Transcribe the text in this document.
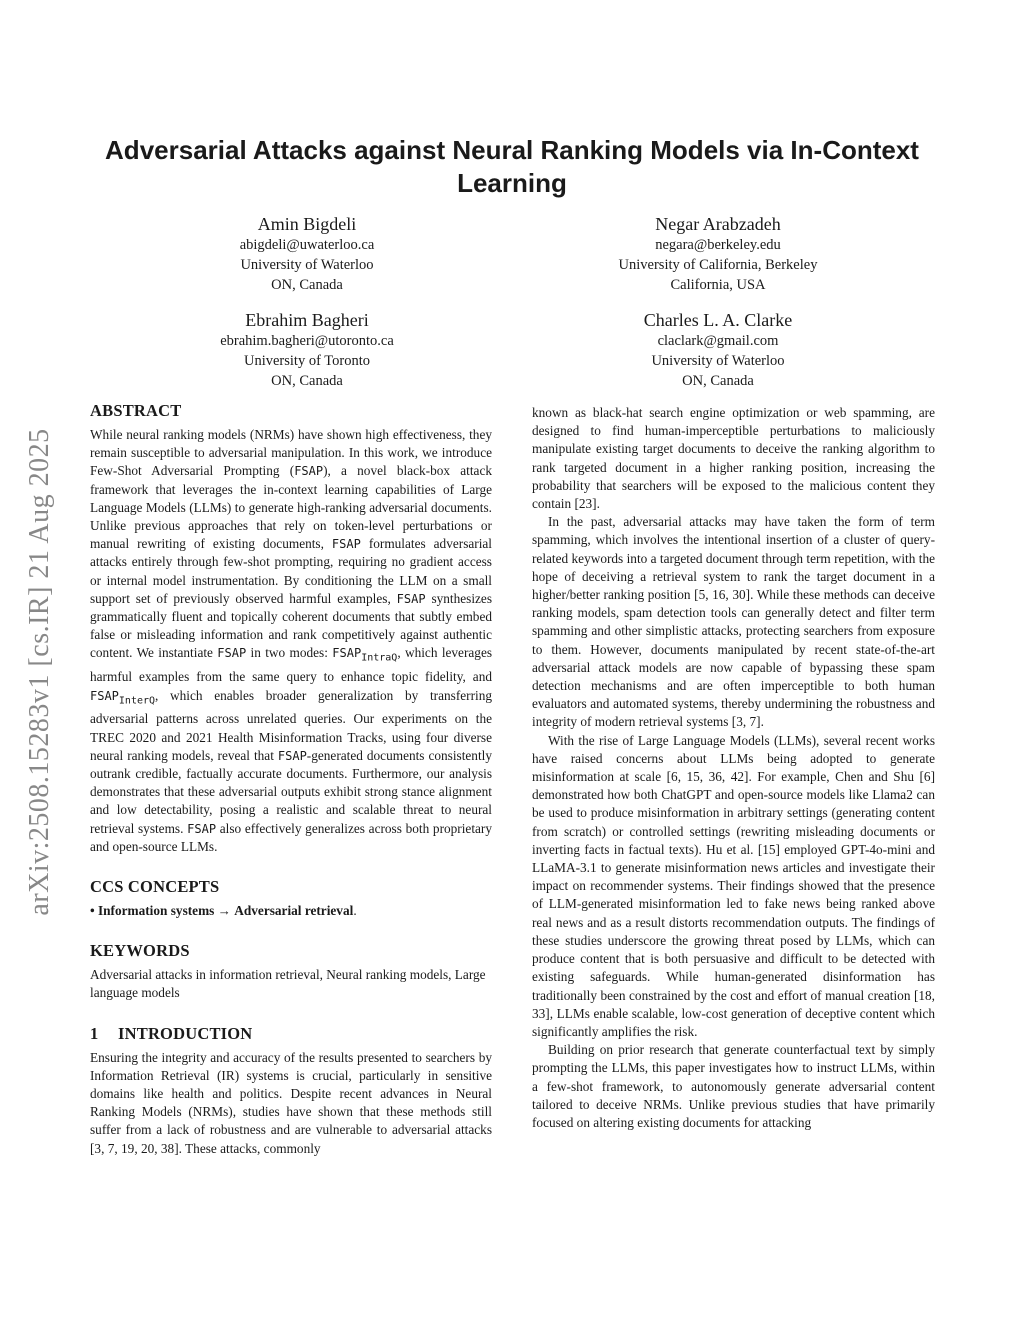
arXiv:2508.15283v1 [cs.IR] 21 Aug 2025
Adversarial Attacks against Neural Ranking Models via In-Context Learning
Amin Bigdeli
abigdeli@uwaterloo.ca
University of Waterloo
ON, Canada
Negar Arabzadeh
negara@berkeley.edu
University of California, Berkeley
California, USA
Ebrahim Bagheri
ebrahim.bagheri@utoronto.ca
University of Toronto
ON, Canada
Charles L. A. Clarke
claclark@gmail.com
University of Waterloo
ON, Canada
ABSTRACT

While neural ranking models (NRMs) have shown high effectiveness, they remain susceptible to adversarial manipulation. In this work, we introduce Few-Shot Adversarial Prompting (FSAP), a novel black-box attack framework that leverages the in-context learning capabilities of Large Language Models (LLMs) to generate high-ranking adversarial documents. Unlike previous approaches that rely on token-level perturbations or manual rewriting of existing documents, FSAP formulates adversarial attacks entirely through few-shot prompting, requiring no gradient access or internal model instrumentation. By conditioning the LLM on a small support set of previously observed harmful examples, FSAP synthesizes grammatically fluent and topically coherent documents that subtly embed false or misleading information and rank competitively against authentic content. We instantiate FSAP in two modes: $FSAP_{IntraQ}$, which leverages harmful examples from the same query to enhance topic fidelity, and $FSAP_{InterQ}$, which enables broader generalization by transferring adversarial patterns across unrelated queries. Our experiments on the TREC 2020 and 2021 Health Misinformation Tracks, using four diverse neural ranking models, reveal that FSAP-generated documents consistently outrank credible, factually accurate documents. Furthermore, our analysis demonstrates that these adversarial outputs exhibit strong stance alignment and low detectability, posing a realistic and scalable threat to neural retrieval systems. FSAP also effectively generalizes across both proprietary and open-source LLMs.

CCS CONCEPTS

• Information systems → Adversarial retrieval.

KEYWORDS

Adversarial attacks in information retrieval, Neural ranking models, Large language models

1 INTRODUCTION

Ensuring the integrity and accuracy of the results presented to searchers by Information Retrieval (IR) systems is crucial, particularly in sensitive domains like health and politics. Despite recent advances in Neural Ranking Models (NRMs), studies have shown that these methods still suffer from a lack of robustness and are vulnerable to adversarial attacks [3, 7, 19, 20, 38]. These attacks, commonly

known as black-hat search engine optimization or web spamming, are designed to find human-imperceptible perturbations to maliciously manipulate existing target documents to deceive the ranking algorithm to rank targeted document in a higher ranking position, increasing the probability that searchers will be exposed to the malicious content they contain [23].

In the past, adversarial attacks may have taken the form of term spamming, which involves the intentional insertion of a cluster of query-related keywords into a targeted document through term repetition, with the hope of deceiving a retrieval system to rank the target document in a higher/better ranking position [5, 16, 30]. While these methods can deceive ranking models, spam detection tools can generally detect and filter term spamming and other simplistic attacks, protecting searchers from exposure to them. However, documents manipulated by recent state-of-the-art adversarial attack models are now capable of bypassing these spam detection mechanisms and are often imperceptible to both human evaluators and automated systems, thereby undermining the robustness and integrity of modern retrieval systems [3, 7].

With the rise of Large Language Models (LLMs), several recent works have raised concerns about LLMs being adopted to generate misinformation at scale [6, 15, 36, 42]. For example, Chen and Shu [6] demonstrated how both ChatGPT and open-source models like Llama2 can be used to produce misinformation in arbitrary settings (generating content from scratch) or controlled settings (rewriting misleading documents or inverting facts in factual texts). Hu et al. [15] employed GPT-4o-mini and LLaMA-3.1 to generate misinformation news articles and investigate their impact on recommender systems. Their findings showed that the presence of LLM-generated misinformation led to fake news being ranked above real news and as a result distorts recommendation outputs. The findings of these studies underscore the growing threat posed by LLMs, which can produce content that is both persuasive and difficult to be detected with existing safeguards. While human-generated disinformation has traditionally been constrained by the cost and effort of manual creation [18, 33], LLMs enable scalable, low-cost generation of deceptive content which significantly amplifies the risk.

Building on prior research that generate counterfactual text by simply prompting the LLMs, this paper investigates how to instruct LLMs, within a few-shot framework, to autonomously generate adversarial content tailored to deceive NRMs. Unlike previous studies that have primarily focused on altering existing documents for attacking
